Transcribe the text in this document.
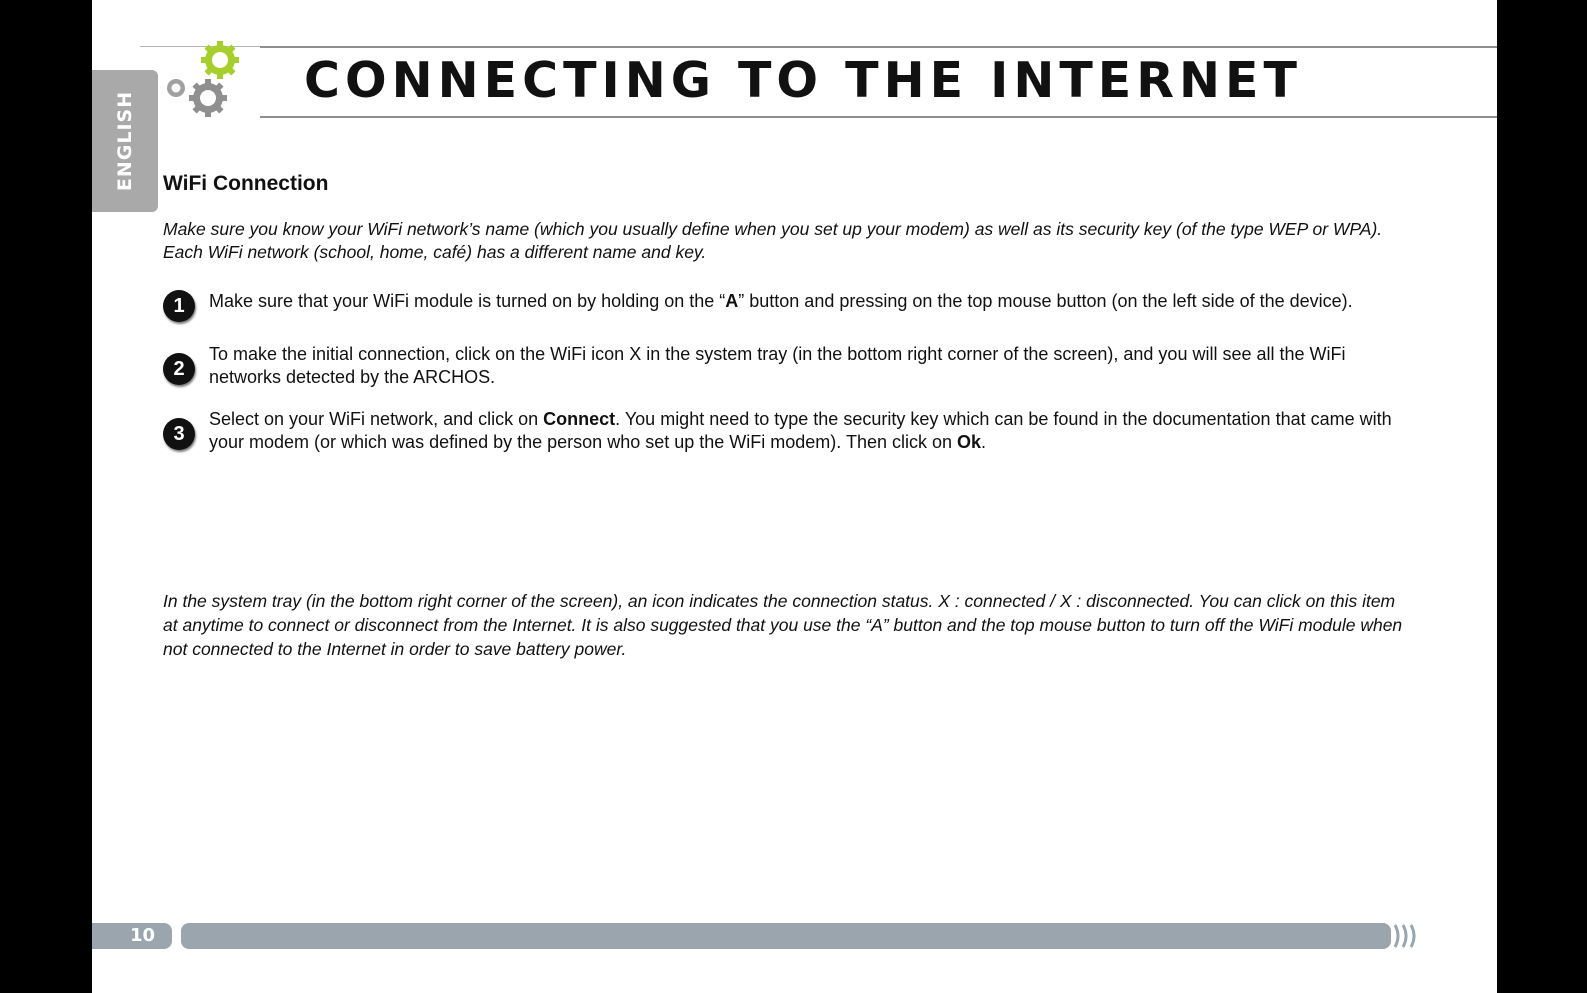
ENGLISH
CONNECTING TO THE INTERNET
WiFi Connection

Make sure you know your WiFi network’s name (which you usually define when you set up your modem) as well as its security key (of the type WEP or WPA). Each WiFi network (school, home, café) has a different name and key.

1	Make sure that your WiFi module is turned on by holding on the “A” button and pressing on the top mouse button (on the left side of the device).
2
To make the initial connection, click on the WiFi icon X in the system tray (in the bottom right corner of the screen), and you will see all the WiFi networks detected by the ARCHOS.
3
Select on your WiFi network, and click on Connect. You might need to type the security key which can be found in the documentation that came with your modem (or which was defined by the person who set up the WiFi modem). Then click on Ok.

In the system tray (in the bottom right corner of the screen), an icon indicates the connection status. X : connected / X : disconnected. You can click on this item at anytime to connect or disconnect from the Internet. It is also suggested that you use the “A” button and the top mouse button to turn off the WiFi module when not connected to the Internet in order to save battery power.

10
